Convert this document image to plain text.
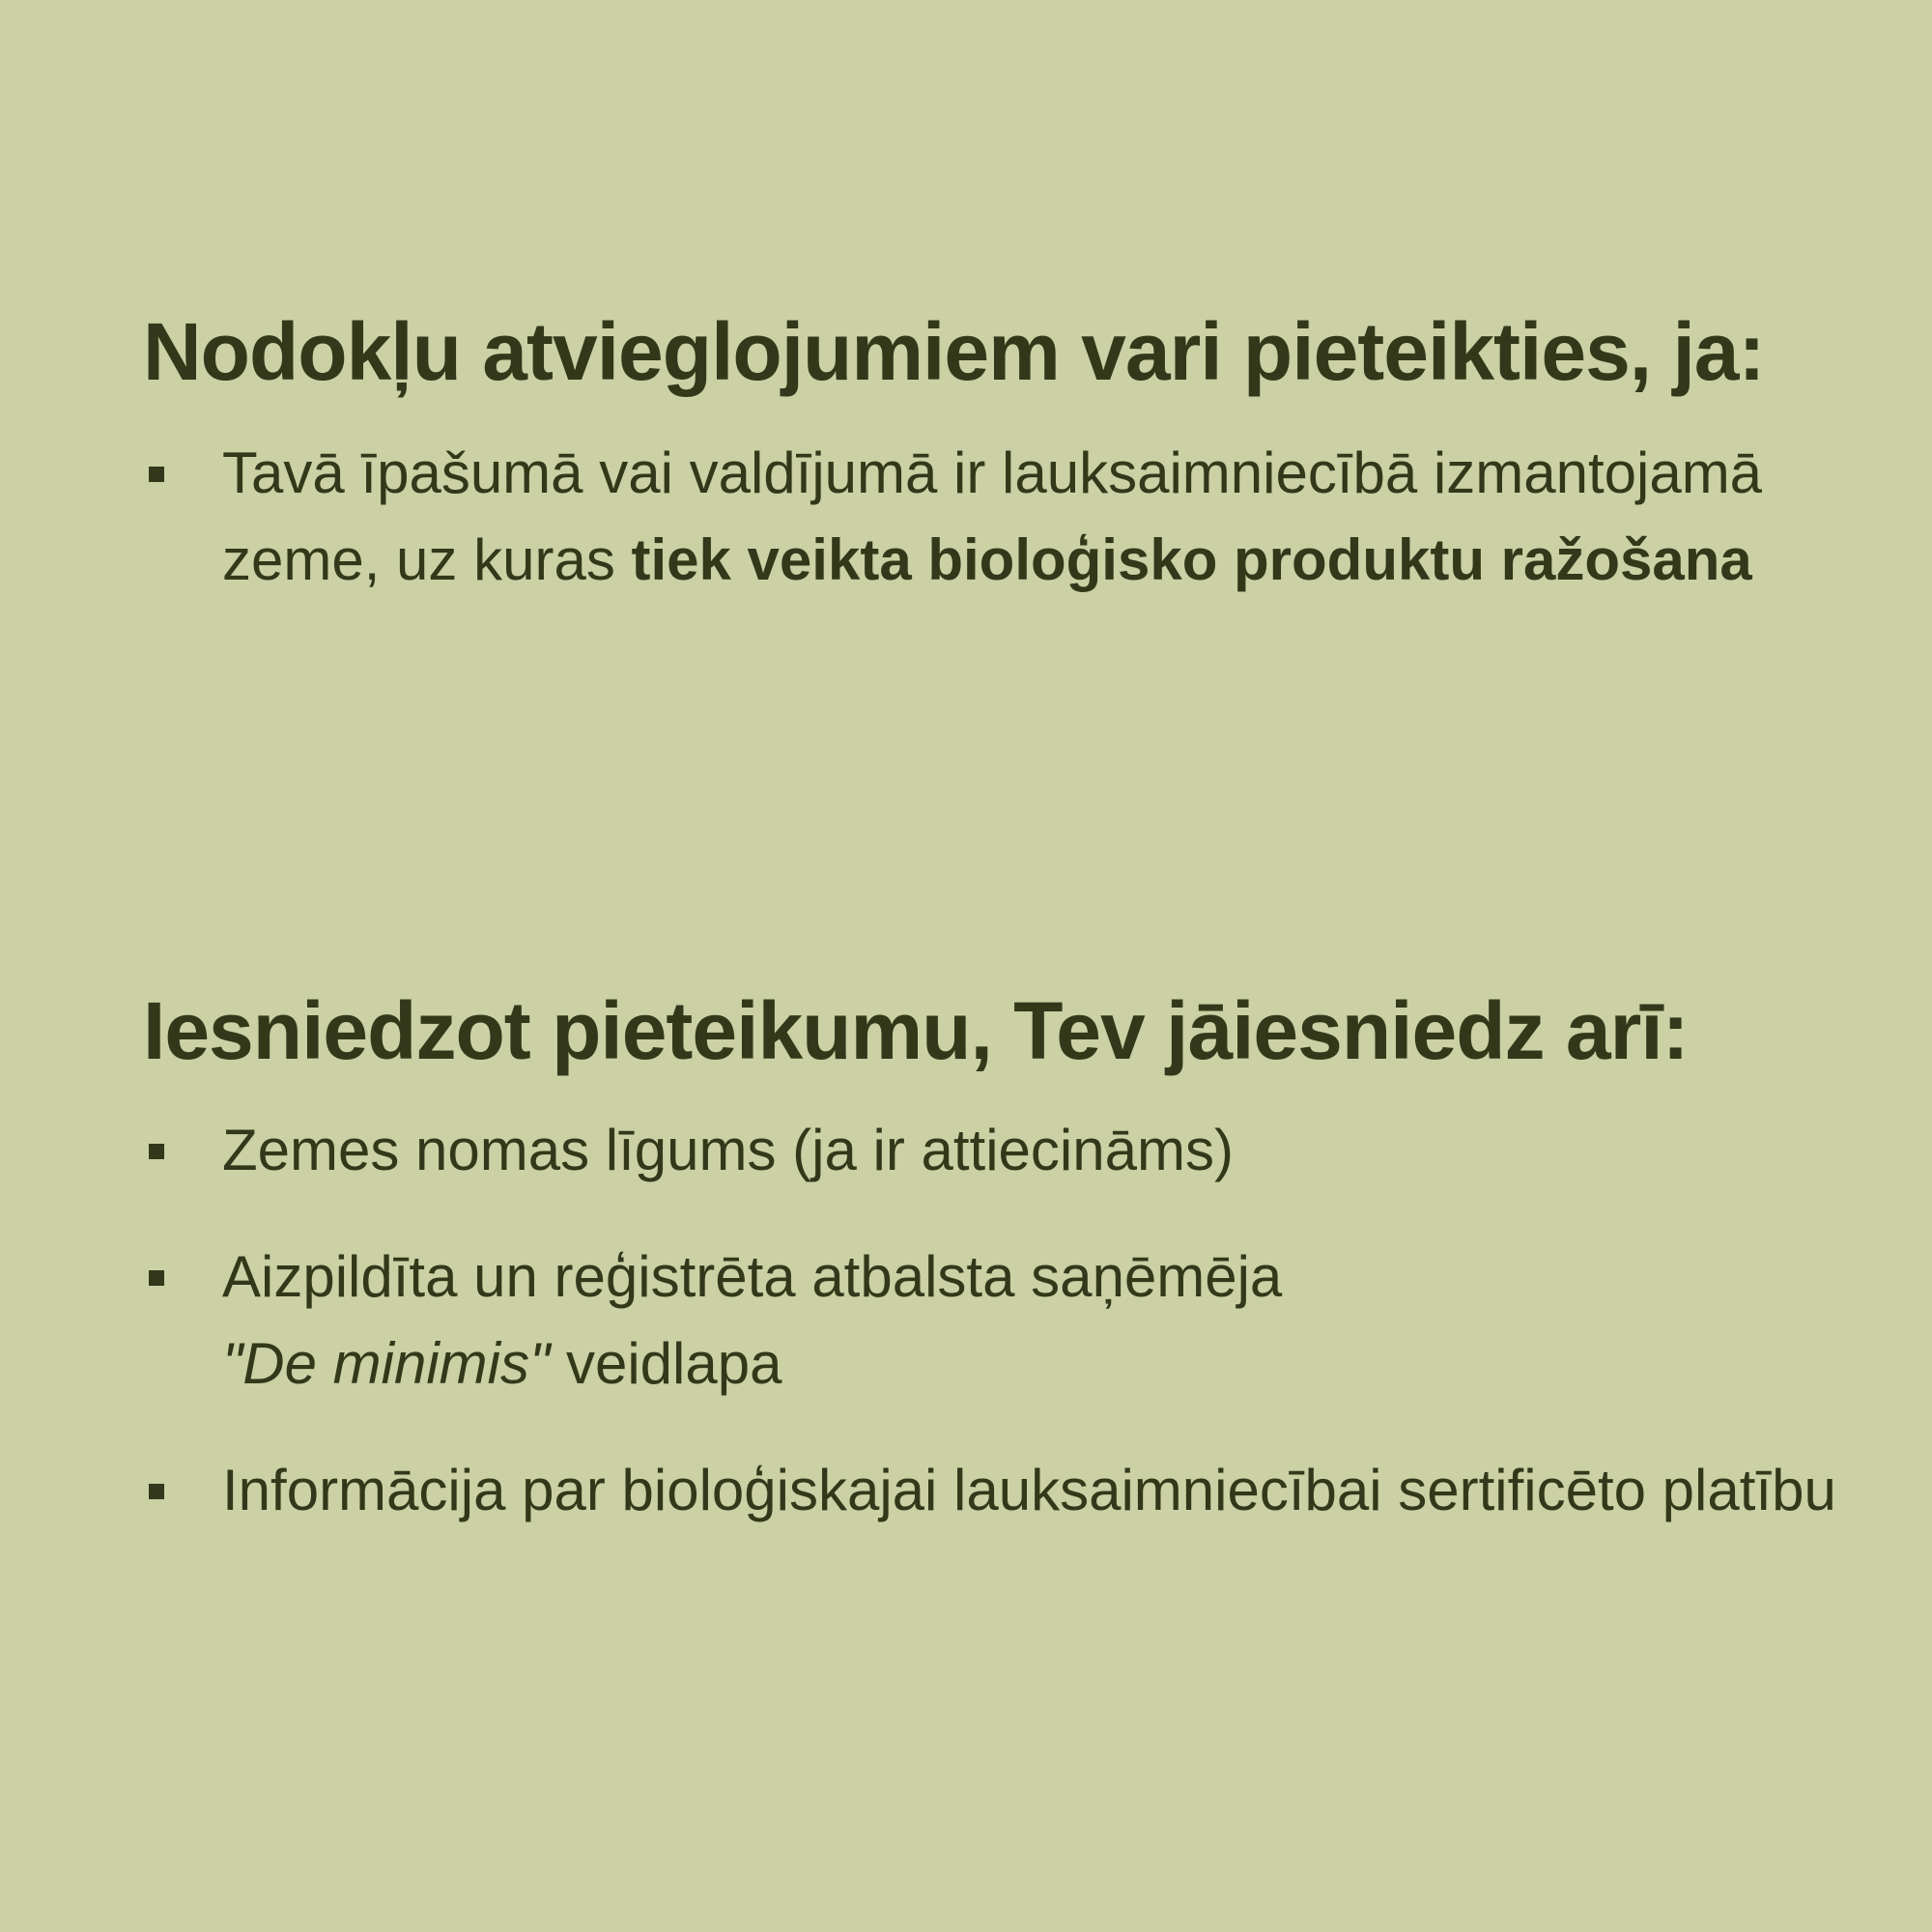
Nodokļu atvieglojumiem vari pieteikties, ja:
Tavā īpašumā vai valdījumā ir lauksaimniecībā izmantojamā zeme, uz kuras tiek veikta bioloģisko produktu ražošana
Iesniedzot pieteikumu, Tev jāiesniedz arī:
Zemes nomas līgums (ja ir attiecināms)
Aizpildīta un reģistrēta atbalsta saņēmēja
"De minimis" veidlapa
Informācija par bioloģiskajai lauksaimniecībai sertificēto platību
